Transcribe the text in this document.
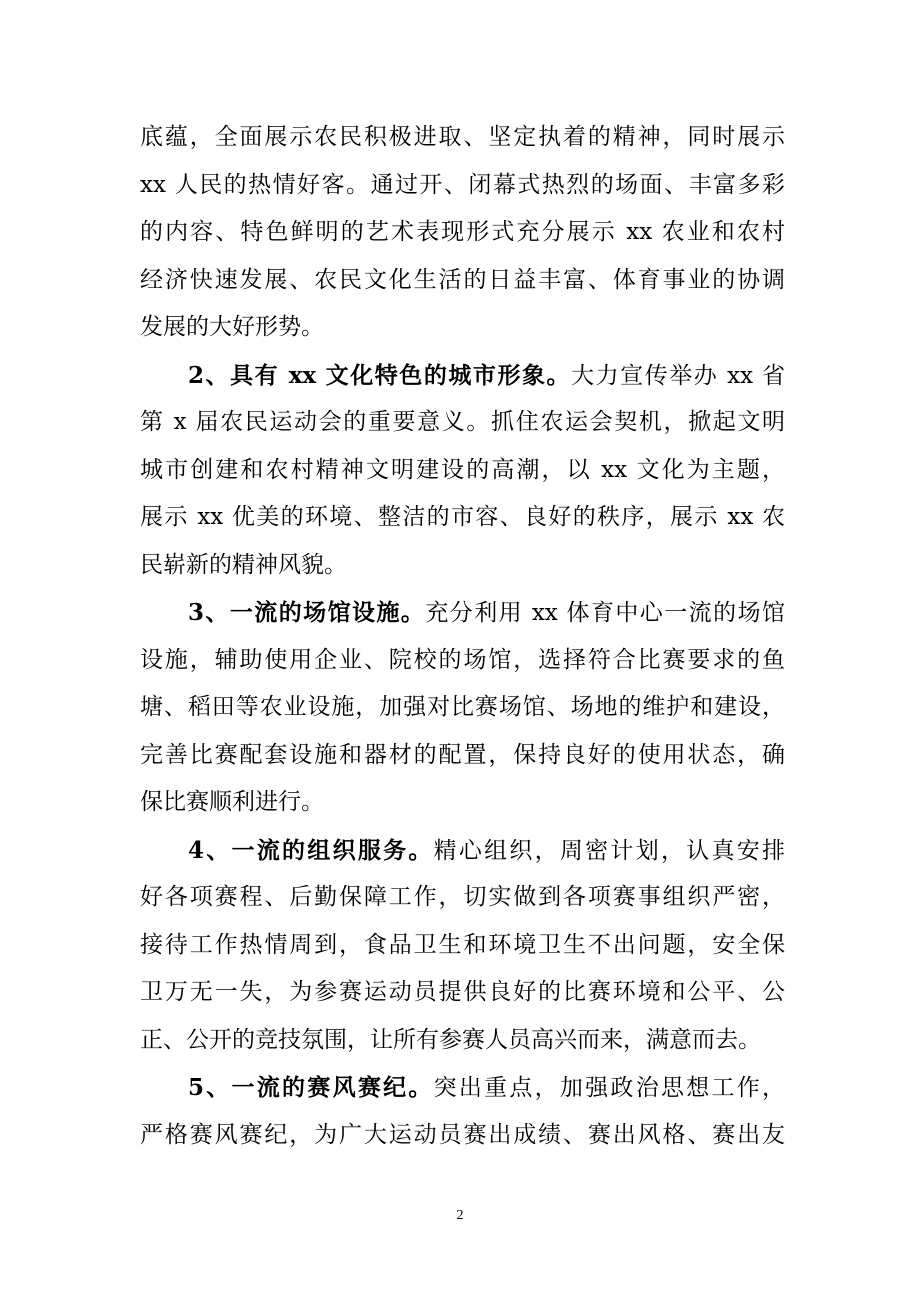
底蕴，全面展示农民积极进取、坚定执着的精神，同时展示
xx 人民的热情好客。通过开、闭幕式热烈的场面、丰富多彩
的内容、特色鲜明的艺术表现形式充分展示 xx 农业和农村
经济快速发展、农民文化生活的日益丰富、体育事业的协调
发展的大好形势。
2、具有 xx 文化特色的城市形象。大力宣传举办 xx 省
第 x 届农民运动会的重要意义。抓住农运会契机，掀起文明
城市创建和农村精神文明建设的高潮，以 xx 文化为主题，
展示 xx 优美的环境、整洁的市容、良好的秩序，展示 xx 农
民崭新的精神风貌。
3、一流的场馆设施。充分利用 xx 体育中心一流的场馆
设施，辅助使用企业、院校的场馆，选择符合比赛要求的鱼
塘、稻田等农业设施，加强对比赛场馆、场地的维护和建设，
完善比赛配套设施和器材的配置，保持良好的使用状态，确
保比赛顺利进行。
4、一流的组织服务。精心组织，周密计划，认真安排
好各项赛程、后勤保障工作，切实做到各项赛事组织严密，
接待工作热情周到，食品卫生和环境卫生不出问题，安全保
卫万无一失，为参赛运动员提供良好的比赛环境和公平、公
正、公开的竞技氛围，让所有参赛人员高兴而来，满意而去。
5、一流的赛风赛纪。突出重点，加强政治思想工作，
严格赛风赛纪，为广大运动员赛出成绩、赛出风格、赛出友
2
